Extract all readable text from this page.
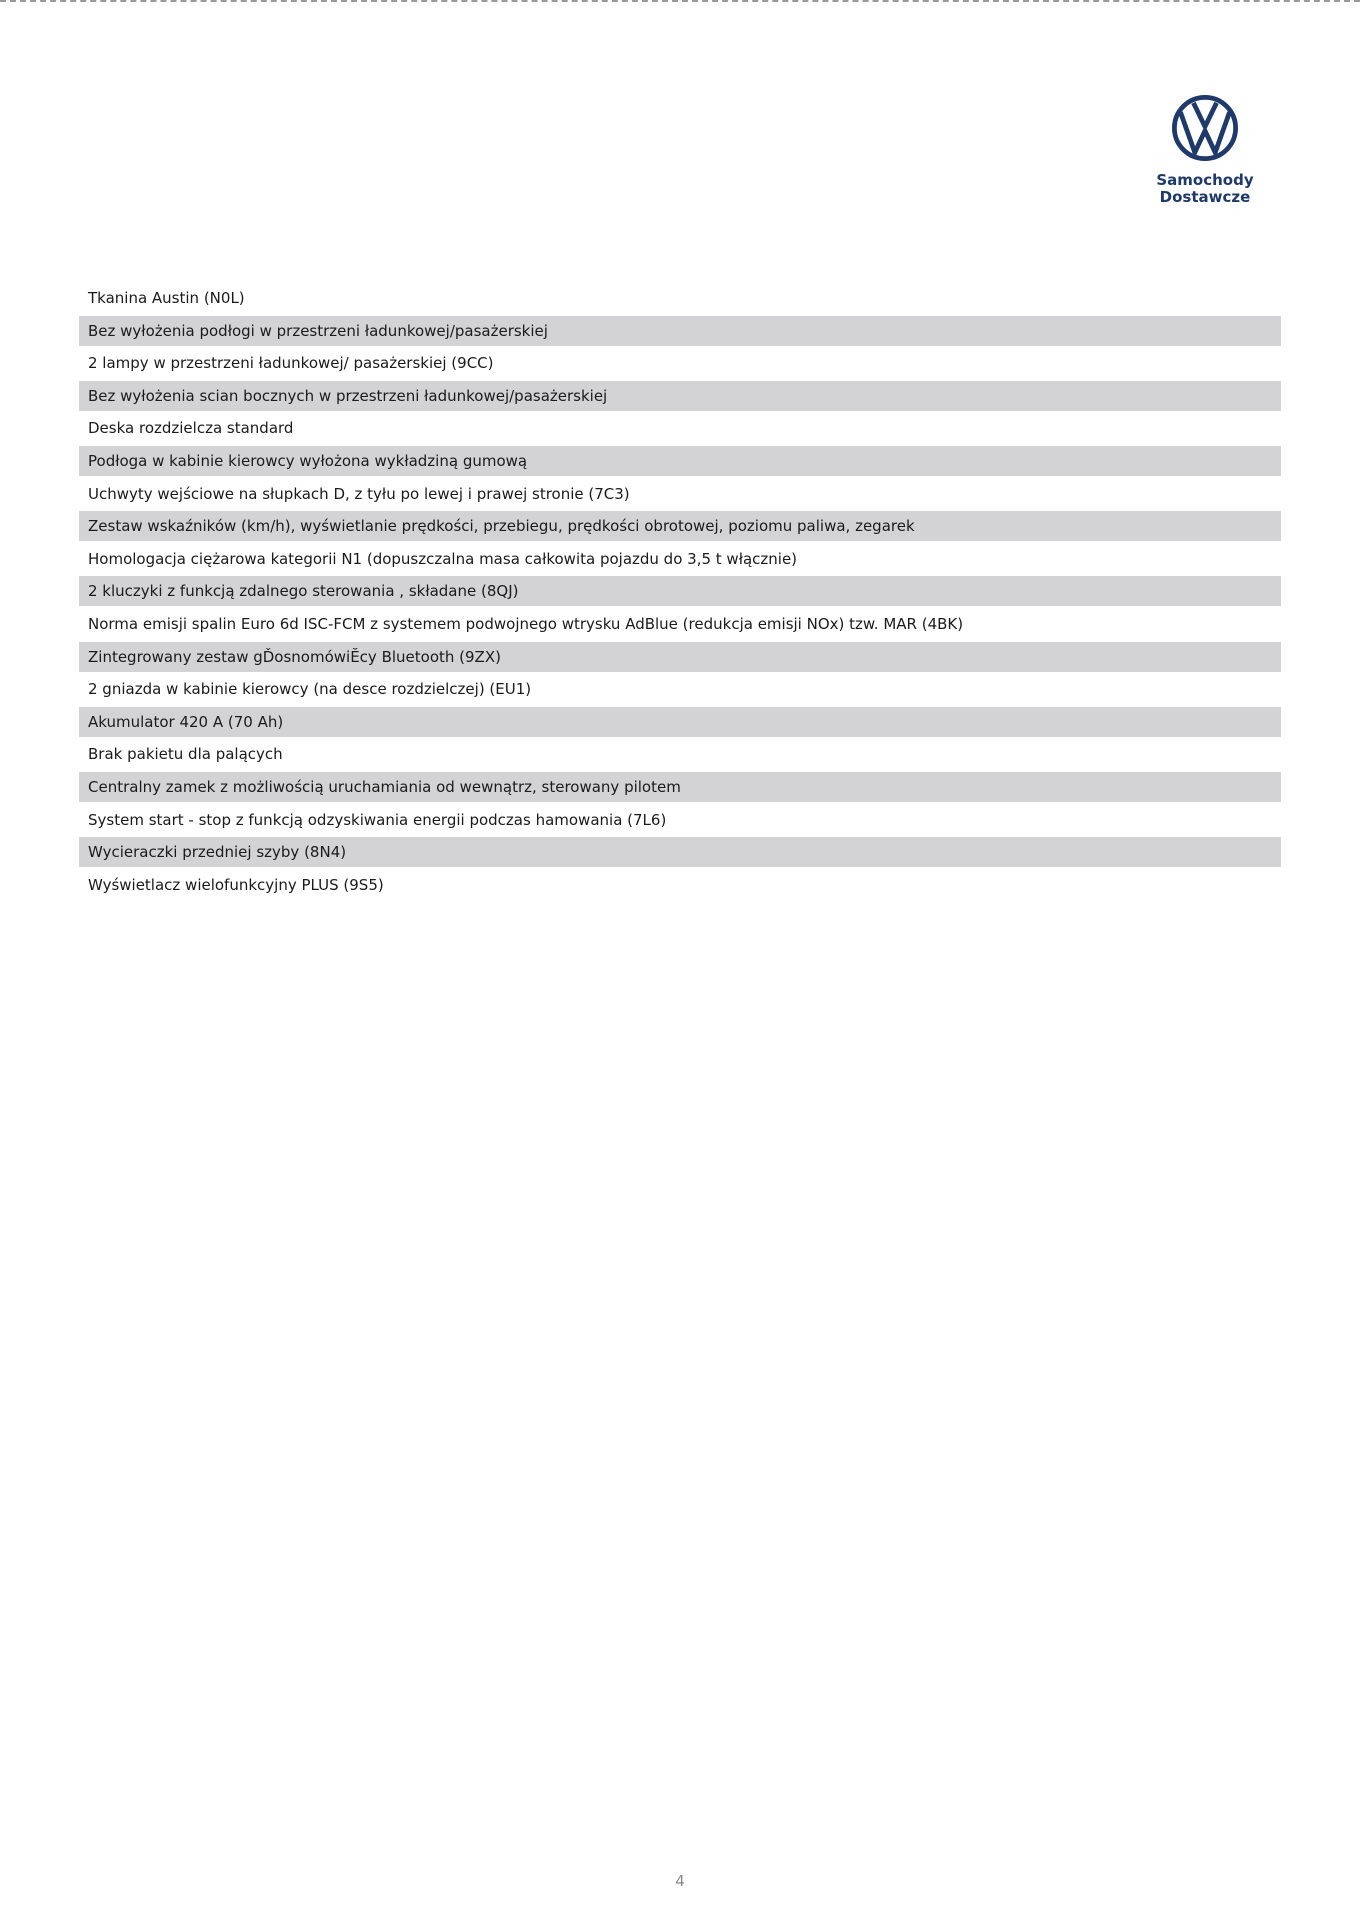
Samochody
Dostawcze
Tkanina Austin (N0L)
Bez wyłożenia podłogi w przestrzeni ładunkowej/pasażerskiej
2 lampy w przestrzeni ładunkowej/ pasażerskiej (9CC)
Bez wyłożenia scian bocznych w przestrzeni ładunkowej/pasażerskiej
Deska rozdzielcza standard
Podłoga w kabinie kierowcy wyłożona wykładziną gumową
Uchwyty wejściowe na słupkach D, z tyłu po lewej i prawej stronie (7C3)
Zestaw wskaźników (km/h), wyświetlanie prędkości, przebiegu, prędkości obrotowej, poziomu paliwa, zegarek
Homologacja ciężarowa kategorii N1 (dopuszczalna masa całkowita pojazdu do 3,5 t włącznie)
2 kluczyki z funkcją zdalnego sterowania , składane (8QJ)
Norma emisji spalin Euro 6d ISC-FCM z systemem podwojnego wtrysku AdBlue (redukcja emisji NOx) tzw. MAR (4BK)
Zintegrowany zestaw gĎosnomówiĔcy Bluetooth (9ZX)
2 gniazda w kabinie kierowcy (na desce rozdzielczej) (EU1)
Akumulator 420 A (70 Ah)
Brak pakietu dla palących
Centralny zamek z możliwością uruchamiania od wewnątrz, sterowany pilotem
System start - stop z funkcją odzyskiwania energii podczas hamowania (7L6)
Wycieraczki przedniej szyby (8N4)
Wyświetlacz wielofunkcyjny PLUS (9S5)
4
